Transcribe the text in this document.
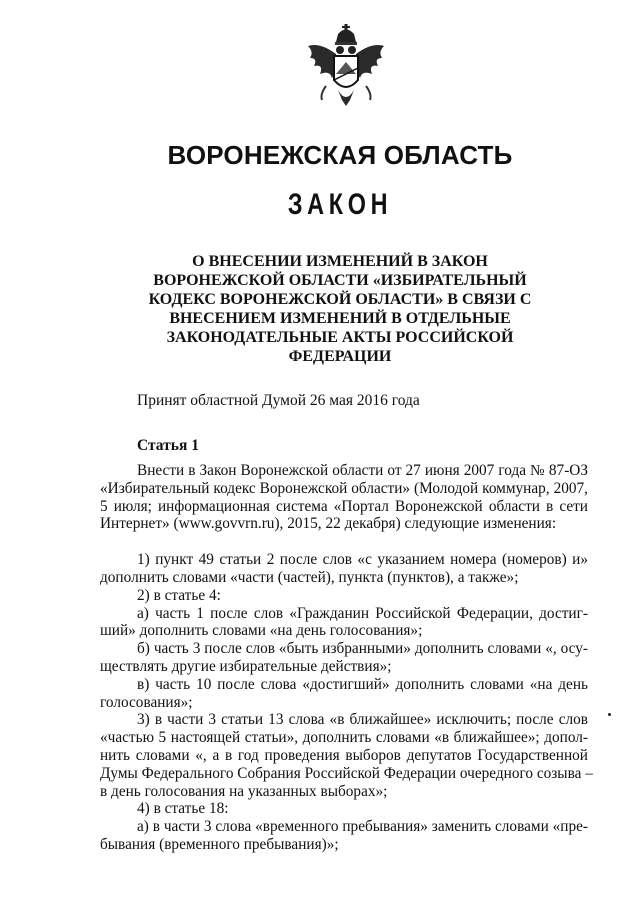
ВОРОНЕЖСКАЯ ОБЛАСТЬ
ЗАКОН
О ВНЕСЕНИИ ИЗМЕНЕНИЙ В ЗАКОН
ВОРОНЕЖСКОЙ ОБЛАСТИ «ИЗБИРАТЕЛЬНЫЙ
КОДЕКС ВОРОНЕЖСКОЙ ОБЛАСТИ» В СВЯЗИ С
ВНЕСЕНИЕМ ИЗМЕНЕНИЙ В ОТДЕЛЬНЫЕ
ЗАКОНОДАТЕЛЬНЫЕ АКТЫ РОССИЙСКОЙ
ФЕДЕРАЦИИ
Принят областной Думой 26 мая 2016 года
Статья 1
Внести в Закон Воронежской области от 27 июня 2007 года № 87-ОЗ
«Избирательный кодекс Воронежской области» (Молодой коммунар, 2007,
5 июля; информационная система «Портал Воронежской области в сети
Интернет» (www.govvrn.ru), 2015, 22 декабря) следующие изменения:
1) пункт 49 статьи 2 после слов «с указанием номера (номеров) и»
дополнить словами «части (частей), пункта (пунктов), а также»;
2) в статье 4:
а) часть 1 после слов «Гражданин Российской Федерации, достиг-
ший» дополнить словами «на день голосования»;
б) часть 3 после слов «быть избранными» дополнить словами «, осу-
ществлять другие избирательные действия»;
в) часть 10 после слова «достигший» дополнить словами «на день
голосования»;
3) в части 3 статьи 13 слова «в ближайшее» исключить; после слов
«частью 5 настоящей статьи», дополнить словами «в ближайшее»; допол-
нить словами «, а в год проведения выборов депутатов Государственной
Думы Федерального Собрания Российской Федерации очередного созыва –
в день голосования на указанных выборах»;
4) в статье 18:
а) в части 3 слова «временного пребывания» заменить словами «пре-
бывания (временного пребывания)»;
